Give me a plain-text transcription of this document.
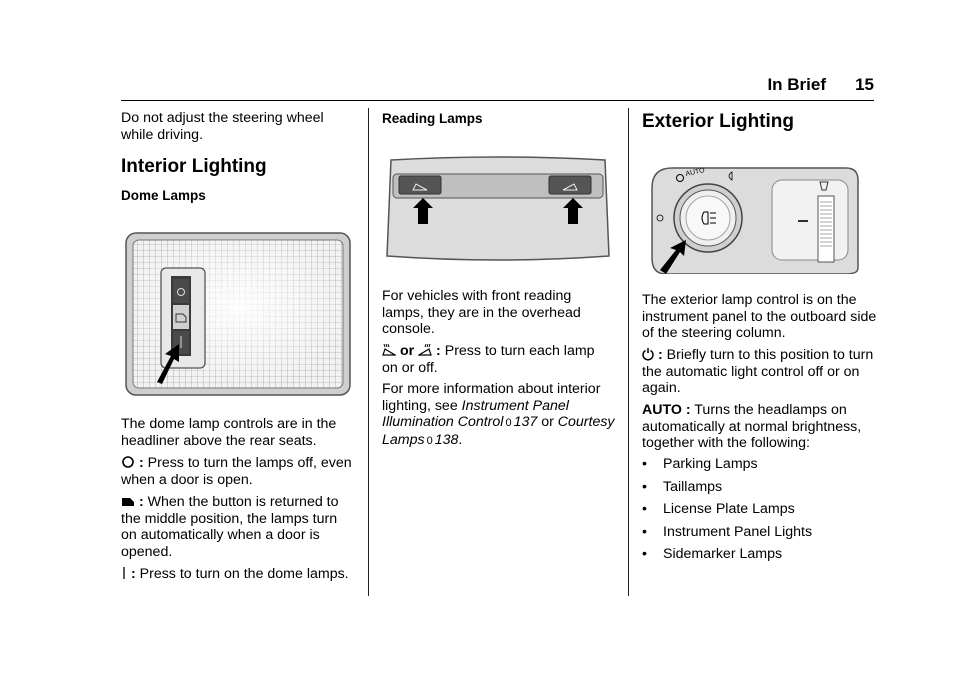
In Brief 15

Do not adjust the steering wheel while driving.

Interior Lighting
Dome Lamps

The dome lamp controls are in the headliner above the rear seats.

: Press to turn the lamps off, even when a door is open.

: When the button is returned to the middle position, the lamps turn on automatically when a door is opened.

: Press to turn on the dome lamps.

Reading Lamps

For vehicles with front reading lamps, they are in the overhead console.

or : Press to turn each lamp on or off.

For more information about interior lighting, see Instrument Panel Illumination Control 0 137 or Courtesy Lamps 0 138.

Exterior Lighting

The exterior lamp control is on the instrument panel to the outboard side of the steering column.

: Briefly turn to this position to turn the automatic light control off or on again.

AUTO : Turns the headlamps on automatically at normal brightness, together with the following:

•	Parking Lamps
•	Taillamps
•	License Plate Lamps
•	Instrument Panel Lights
•	Sidemarker Lamps
AUTO
